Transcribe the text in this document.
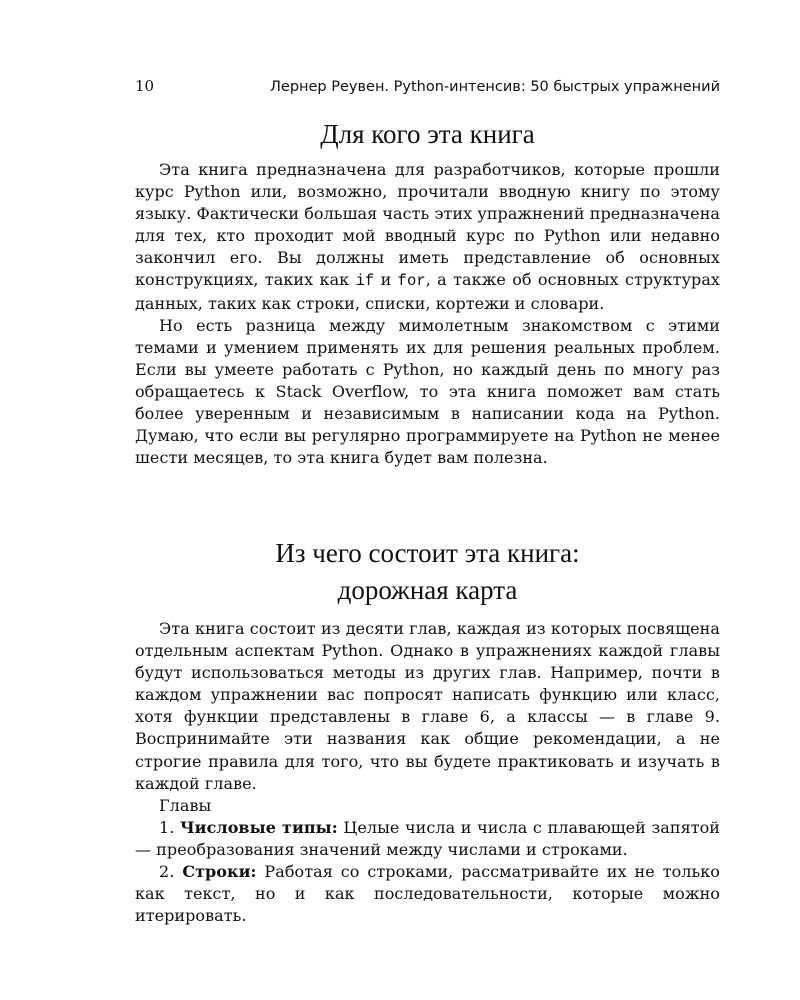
10	Лернер Реувен. Python-интенсив: 50 быстрых упражнений
Для кого эта книга

Эта книга предназначена для разработчиков, которые прошли курс Python или, возможно, прочитали вводную книгу по этому языку. Фактически большая часть этих упражнений предназначена для тех, кто проходит мой вводный курс по Python или недавно закончил его. Вы должны иметь представление об основных конструкциях, таких как if и for, а также об основных структурах данных, таких как строки, списки, кортежи и словари.

Но есть разница между мимолетным знакомством с этими темами и умением применять их для решения реальных проблем. Если вы умеете работать с Python, но каждый день по многу раз обращаетесь к Stack Overflow, то эта книга поможет вам стать более уверенным и независимым в написании кода на Python. Думаю, что если вы регулярно программируете на Python не менее шести месяцев, то эта книга будет вам полезна.

Из чего состоит эта книга:
дорожная карта

Эта книга состоит из десяти глав, каждая из которых посвящена отдельным аспектам Python. Однако в упражнениях каждой главы будут использоваться методы из других глав. Например, почти в каждом упражнении вас попросят написать функцию или класс, хотя функции представлены в главе 6, а классы — в главе 9. Воспринимайте эти названия как общие рекомендации, а не строгие правила для того, что вы будете практиковать и изучать в каждой главе.

Главы

1. Числовые типы: Целые числа и числа с плавающей запятой — преобразования значений между числами и строками.

2. Строки: Работая со строками, рассматривайте их не только как текст, но и как последовательности, которые можно итерировать.
